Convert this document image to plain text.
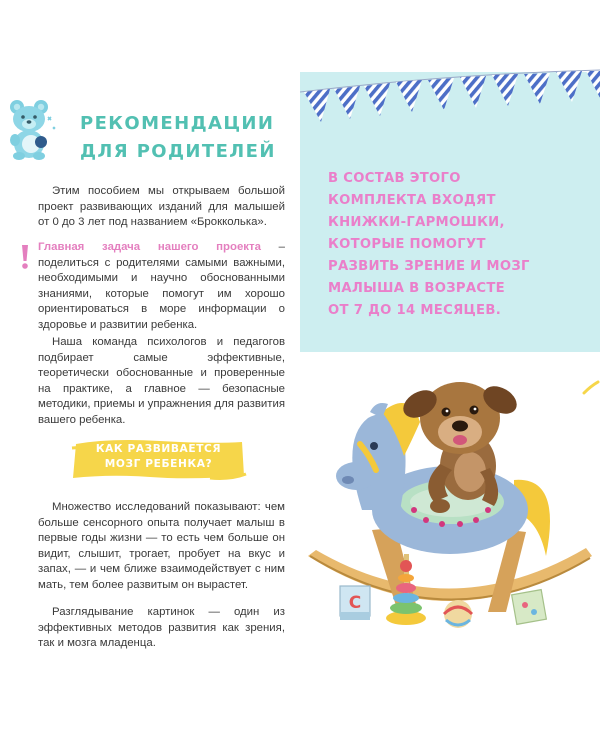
РЕКОМЕНДАЦИИ
ДЛЯ РОДИТЕЛЕЙ

Этим пособием мы открываем большой проект развивающих изданий для малышей от 0 до 3 лет под названием «Брокколька».

Главная задача нашего проекта – поделиться с родителями самыми важными, необходимыми и научно обоснованными знаниями, которые помогут им хорошо ориентироваться в море информации о здоровье и развитии ребенка.

Наша команда психологов и педагогов подбирает самые эффективные, теоретически обоснованные и проверенные на практике, а главное — безопасные методики, приемы и упражнения для развития вашего ребенка.

КАК РАЗВИВАЕТСЯ
МОЗГ РЕБЕНКА?

Множество исследований показывают: чем больше сенсорного опыта получает малыш в первые годы жизни — то есть чем больше он видит, слышит, трогает, пробует на вкус и запах, — и чем ближе взаимодействует с ним мать, тем более развитым он вырастет.

Разглядывание картинок — один из эффективных методов развития как зрения, так и мозга младенца.

В СОСТАВ ЭТОГО
КОМПЛЕКТА ВХОДЯТ
КНИЖКИ-ГАРМОШКИ,
КОТОРЫЕ ПОМОГУТ
РАЗВИТЬ ЗРЕНИЕ И МОЗГ
МАЛЫША В ВОЗРАСТЕ
ОТ 7 ДО 14 МЕСЯЦЕВ.
С
